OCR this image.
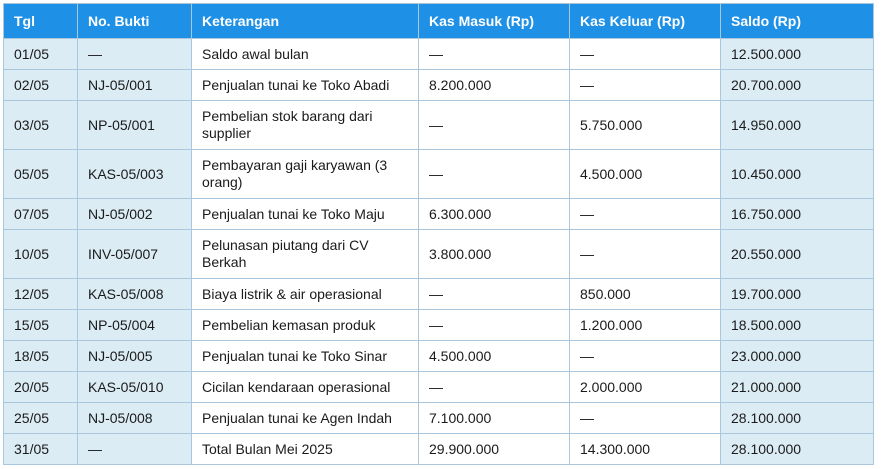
Tgl	No. Bukti	Keterangan	Kas Masuk (Rp)	Kas Keluar (Rp)	Saldo (Rp)
01/05	—	Saldo awal bulan	—	—	12.500.000
02/05	NJ-05/001	Penjualan tunai ke Toko Abadi	8.200.000	—	20.700.000
03/05	NP-05/001	Pembelian stok barang dari supplier	—	5.750.000	14.950.000
05/05	KAS-05/003	Pembayaran gaji karyawan (3 orang)	—	4.500.000	10.450.000
07/05	NJ-05/002	Penjualan tunai ke Toko Maju	6.300.000	—	16.750.000
10/05	INV-05/007	Pelunasan piutang dari CV Berkah	3.800.000	—	20.550.000
12/05	KAS-05/008	Biaya listrik & air operasional	—	850.000	19.700.000
15/05	NP-05/004	Pembelian kemasan produk	—	1.200.000	18.500.000
18/05	NJ-05/005	Penjualan tunai ke Toko Sinar	4.500.000	—	23.000.000
20/05	KAS-05/010	Cicilan kendaraan operasional	—	2.000.000	21.000.000
25/05	NJ-05/008	Penjualan tunai ke Agen Indah	7.100.000	—	28.100.000
31/05	—	Total Bulan Mei 2025	29.900.000	14.300.000	28.100.000
